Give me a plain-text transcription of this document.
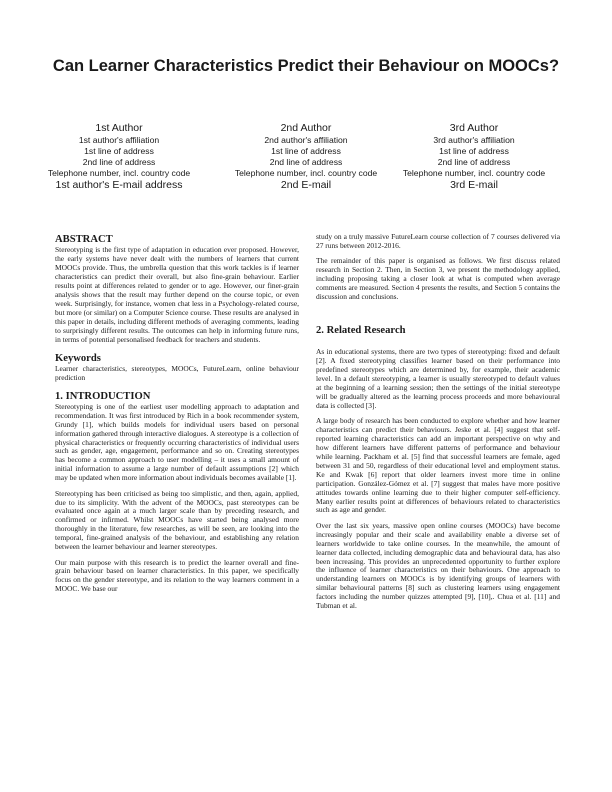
Can Learner Characteristics Predict their Behaviour on MOOCs?
1st Author
1st author's affiliation
1st line of address
2nd line of address
Telephone number, incl. country code
1st author's E-mail address
2nd Author
2nd author's affiliation
1st line of address
2nd line of address
Telephone number, incl. country code
2nd E-mail
3rd Author
3rd author's affiliation
1st line of address
2nd line of address
Telephone number, incl. country code
3rd E-mail
ABSTRACT

Stereotyping is the first type of adaptation in education ever proposed. However, the early systems have never dealt with the numbers of learners that current MOOCs provide. Thus, the umbrella question that this work tackles is if learner characteristics can predict their overall, but also fine-grain behaviour. Earlier results point at differences related to gender or to age. However, our finer-grain analysis shows that the result may further depend on the course topic, or even week. Surprisingly, for instance, women chat less in a Psychology-related course, but more (or similar) on a Computer Science course. These results are analysed in this paper in details, including different methods of averaging comments, leading to surprisingly different results. The outcomes can help in informing future runs, in terms of potential personalised feedback for teachers and students.

Keywords

Learner characteristics, stereotypes, MOOCs, FutureLearn, online behaviour prediction

1. INTRODUCTION

Stereotyping is one of the earliest user modelling approach to adaptation and recommendation. It was first introduced by Rich in a book recommender system, Grundy [1], which builds models for individual users based on personal information gathered through interactive dialogues. A stereotype is a collection of physical characteristics or frequently occurring characteristics of individual users such as gender, age, engagement, performance and so on. Creating stereotypes has become a common approach to user modelling – it uses a small amount of initial information to assume a large number of default assumptions [2] which may be updated when more information about individuals becomes available [1].

Stereotyping has been criticised as being too simplistic, and then, again, applied, due to its simplicity. With the advent of the MOOCs, past stereotypes can be evaluated once again at a much larger scale than by preceding research, and confirmed or infirmed. Whilst MOOCs have started being analysed more thoroughly in the literature, few researches, as will be seen, are looking into the temporal, fine-grained analysis of the behaviour, and establishing any relation between the learner behaviour and learner stereotypes.

Our main purpose with this research is to predict the learner overall and fine-grain behaviour based on learner characteristics. In this paper, we specifically focus on the gender stereotype, and its relation to the way learners comment in a MOOC. We base our

study on a truly massive FutureLearn course collection of 7 courses delivered via 27 runs between 2012-2016.

The remainder of this paper is organised as follows. We first discuss related research in Section 2. Then, in Section 3, we present the methodology applied, including proposing taking a closer look at what is computed when average comments are measured. Section 4 presents the results, and Section 5 contains the discussion and conclusions.

2. Related Research

As in educational systems, there are two types of stereotyping: fixed and default [2]. A fixed stereotyping classifies learner based on their performance into predefined stereotypes which are determined by, for example, their academic level. In a default stereotyping, a learner is usually stereotyped to default values at the beginning of a learning session; then the settings of the initial stereotype will be gradually altered as the learning process proceeds and more behavioural data is collected [3].

A large body of research has been conducted to explore whether and how learner characteristics can predict their behaviours. Jeske et al. [4] suggest that self-reported learning characteristics can add an important perspective on why and how different learners have different patterns of performance and behaviour while learning. Packham et al. [5] find that successful learners are female, aged between 31 and 50, regardless of their educational level and employment status. Ke and Kwak [6] report that older learners invest more time in online participation. González-Gómez et al. [7] suggest that males have more positive attitudes towards online learning due to their higher computer self-efficiency. Many earlier results point at differences of behaviours related to characteristics such as age and gender.

Over the last six years, massive open online courses (MOOCs) have become increasingly popular and their scale and availability enable a diverse set of learners worldwide to take online courses. In the meanwhile, the amount of learner data collected, including demographic data and behavioural data, has also been increasing. This provides an unprecedented opportunity to further explore the influence of learner characteristics on their behaviours. One approach to understanding learners on MOOCs is by identifying groups of learners with similar behavioural patterns [8] such as clustering learners using engagement factors including the number quizzes attempted [9], [10],. Chua et al. [11] and Tubman et al.
